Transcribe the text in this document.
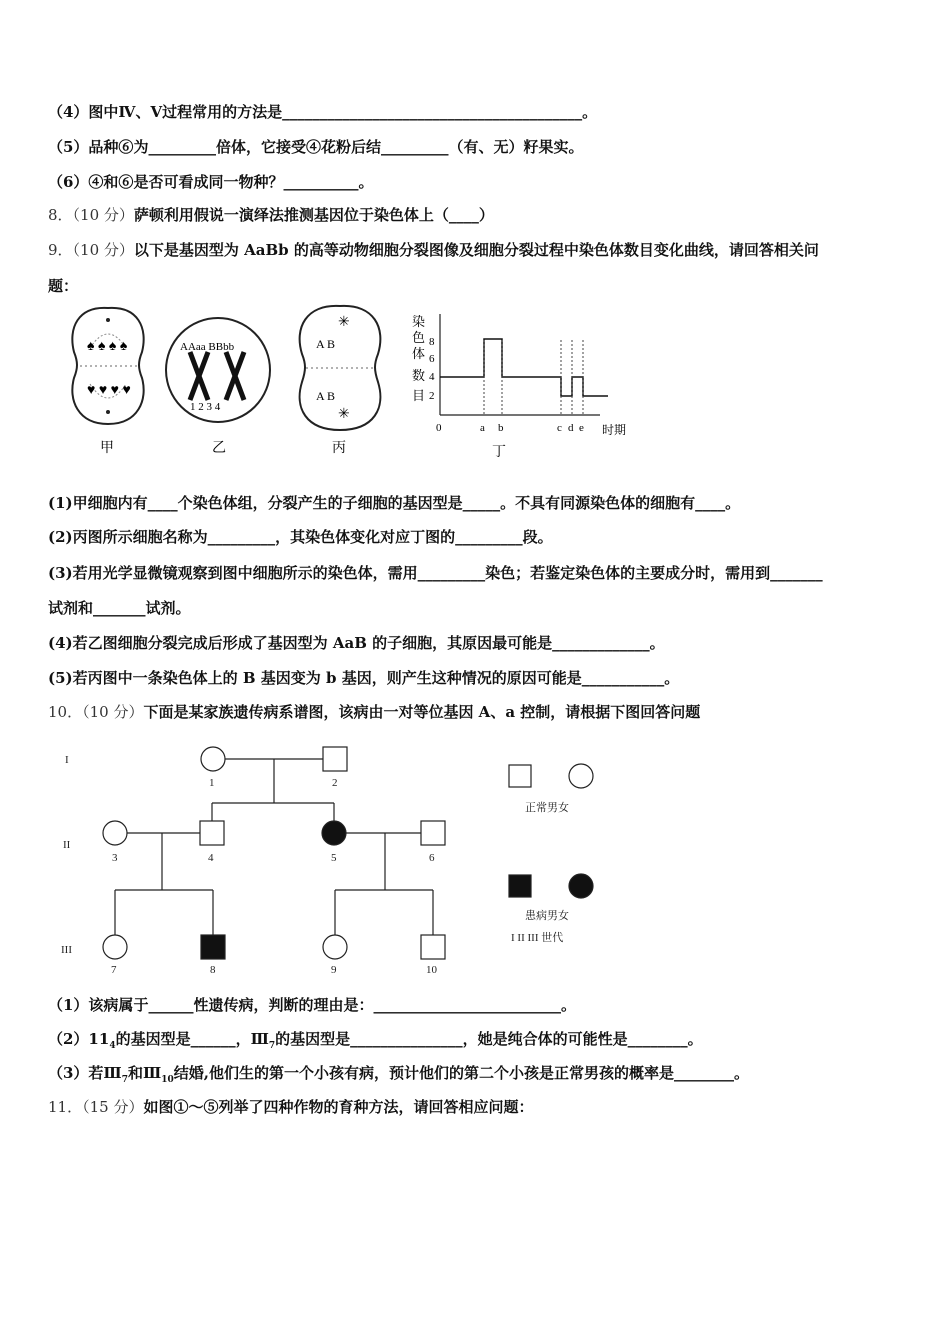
（4）图中Ⅳ、Ⅴ过程常用的方法是________________________________________。
（5）品种⑥为_________倍体，它接受④花粉后结_________（有、无）籽果实。
（6）④和⑥是否可看成同一物种？__________。
8．（10 分）萨顿利用假说一演绎法推测基因位于染色体上（____）
9．（10 分）以下是基因型为 AaBb 的高等动物细胞分裂图像及细胞分裂过程中染色体数目变化曲线，请回答相关问
题：
♠ ♠ ♠ ♠
♥ ♥ ♥ ♥
甲
AAaa BBbb
1 2 3 4
乙
✳
✳
A B
A B
丙
染
色
体
数
目
8
6
4
2
0	a b	c d e 时期
丁
(1)甲细胞内有____个染色体组，分裂产生的子细胞的基因型是_____。不具有同源染色体的细胞有____。
(2)丙图所示细胞名称为_________，其染色体变化对应丁图的_________段。
(3)若用光学显微镜观察到图中细胞所示的染色体，需用_________染色；若鉴定染色体的主要成分时，需用到_______
试剂和_______试剂。
(4)若乙图细胞分裂完成后形成了基因型为 AaB 的子细胞，其原因最可能是_____________。
(5)若丙图中一条染色体上的 B 基因变为 b 基因，则产生这种情况的原因可能是___________。
10．（10 分）下面是某家族遗传病系谱图，该病由一对等位基因 A、a 控制，请根据下图回答问题
I
II
III
1	2
3	4	5	6
7	8	9	10
正常男女
患病男女
I II III 世代
（1）该病属于______性遗传病，判断的理由是：_________________________。
$(2)11_4$的基因型是______，$Ⅲ_7$的基因型是_______________，她是纯合体的可能性是________。
（3）若$Ⅲ_7$和$Ⅲ_{10}$结婚,他们生的第一个小孩有病，预计他们的第二个小孩是正常男孩的概率是________。
11．（15 分）如图①～⑤列举了四种作物的育种方法，请回答相应问题：
